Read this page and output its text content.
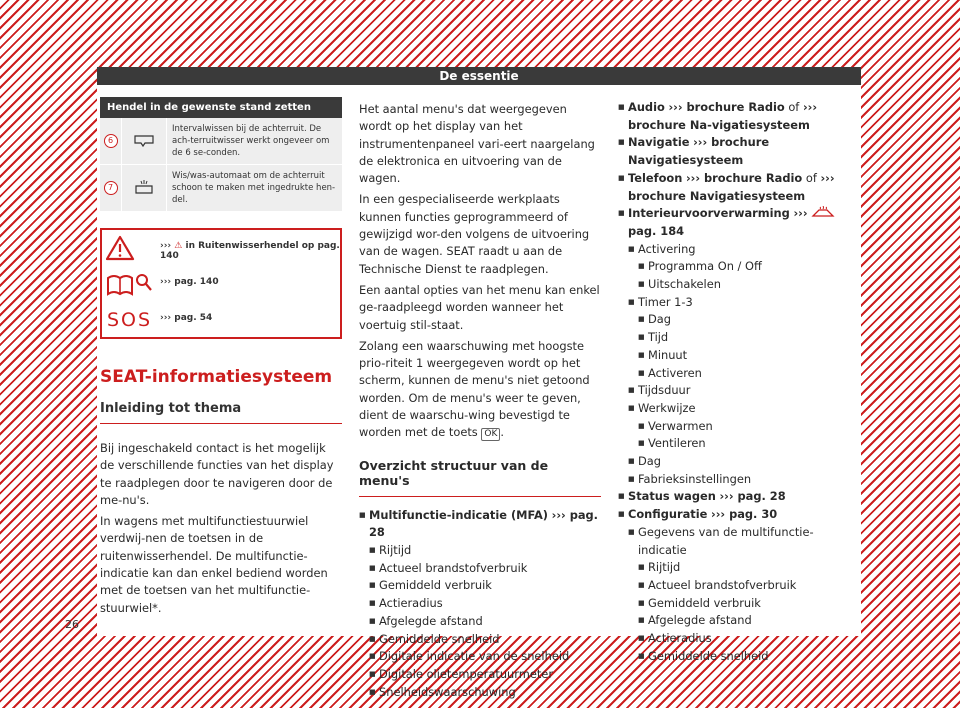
De essentie
Hendel in de gewenste stand zetten
6
Intervalwissen bij de achterruit. De ach-terruitwisser werkt ongeveer om de 6 se-conden.
7
Wis/was-automaat om de achterruit schoon te maken met ingedrukte hen-del.
››› ⚠ in Ruitenwisserhendel op pag. 140
››› pag. 140
SOS ››› pag. 54
SEAT-informatiesysteem
Inleiding tot thema

Bij ingeschakeld contact is het mogelijk de verschillende functies van het display te raadplegen door te navigeren door de me-nu's.

In wagens met multifunctiestuurwiel verdwij-nen de toetsen in de ruitenwisserhendel. De multifunctie-indicatie kan dan enkel bediend worden met de toetsen van het multifunctie-stuurwiel*.

Het aantal menu's dat weergegeven wordt op het display van het instrumentenpaneel vari-eert naargelang de elektronica en uitvoering van de wagen.

In een gespecialiseerde werkplaats kunnen functies geprogrammeerd of gewijzigd wor-den volgens de uitvoering van de wagen. SEAT raadt u aan de Technische Dienst te raadplegen.

Een aantal opties van het menu kan enkel ge-raadpleegd worden wanneer het voertuig stil-staat.

Zolang een waarschuwing met hoogste prio-riteit 1 weergegeven wordt op het scherm, kunnen de menu's niet getoond worden. Om de menu's weer te geven, dient de waarschu-wing bevestigd te worden met de toets OK .

Overzicht structuur van de menu's
■ Multifunctie-indicatie (MFA) ››› pag. 28
■ Rijtijd
■ Actueel brandstofverbruik
■ Gemiddeld verbruik
■ Actieradius
■ Afgelegde afstand
■ Gemiddelde snelheid
■ Digitale indicatie van de snelheid
■ Digitale olietemperatuurmeter
■ Snelheidswaarschuwing
■ Audio ››› brochure Radio of ››› brochure Na-vigatiesysteem
■ Navigatie ››› brochure Navigatiesysteem
■ Telefoon ››› brochure Radio of ››› brochure Navigatiesysteem
■ Interieurvoorverwarming ›››  pag. 184
■ Activering
■ Programma On / Off
■ Uitschakelen
■ Timer 1-3
■ Dag
■ Tijd
■ Minuut
■ Activeren
■ Tijdsduur
■ Werkwijze
■ Verwarmen
■ Ventileren
■ Dag
■ Fabrieksinstellingen
■ Status wagen ››› pag. 28
■ Configuratie ››› pag. 30
■ Gegevens van de multifunctie-indicatie
■ Rijtijd
■ Actueel brandstofverbruik
■ Gemiddeld verbruik
■ Afgelegde afstand
■ Actieradius
■ Gemiddelde snelheid
26
